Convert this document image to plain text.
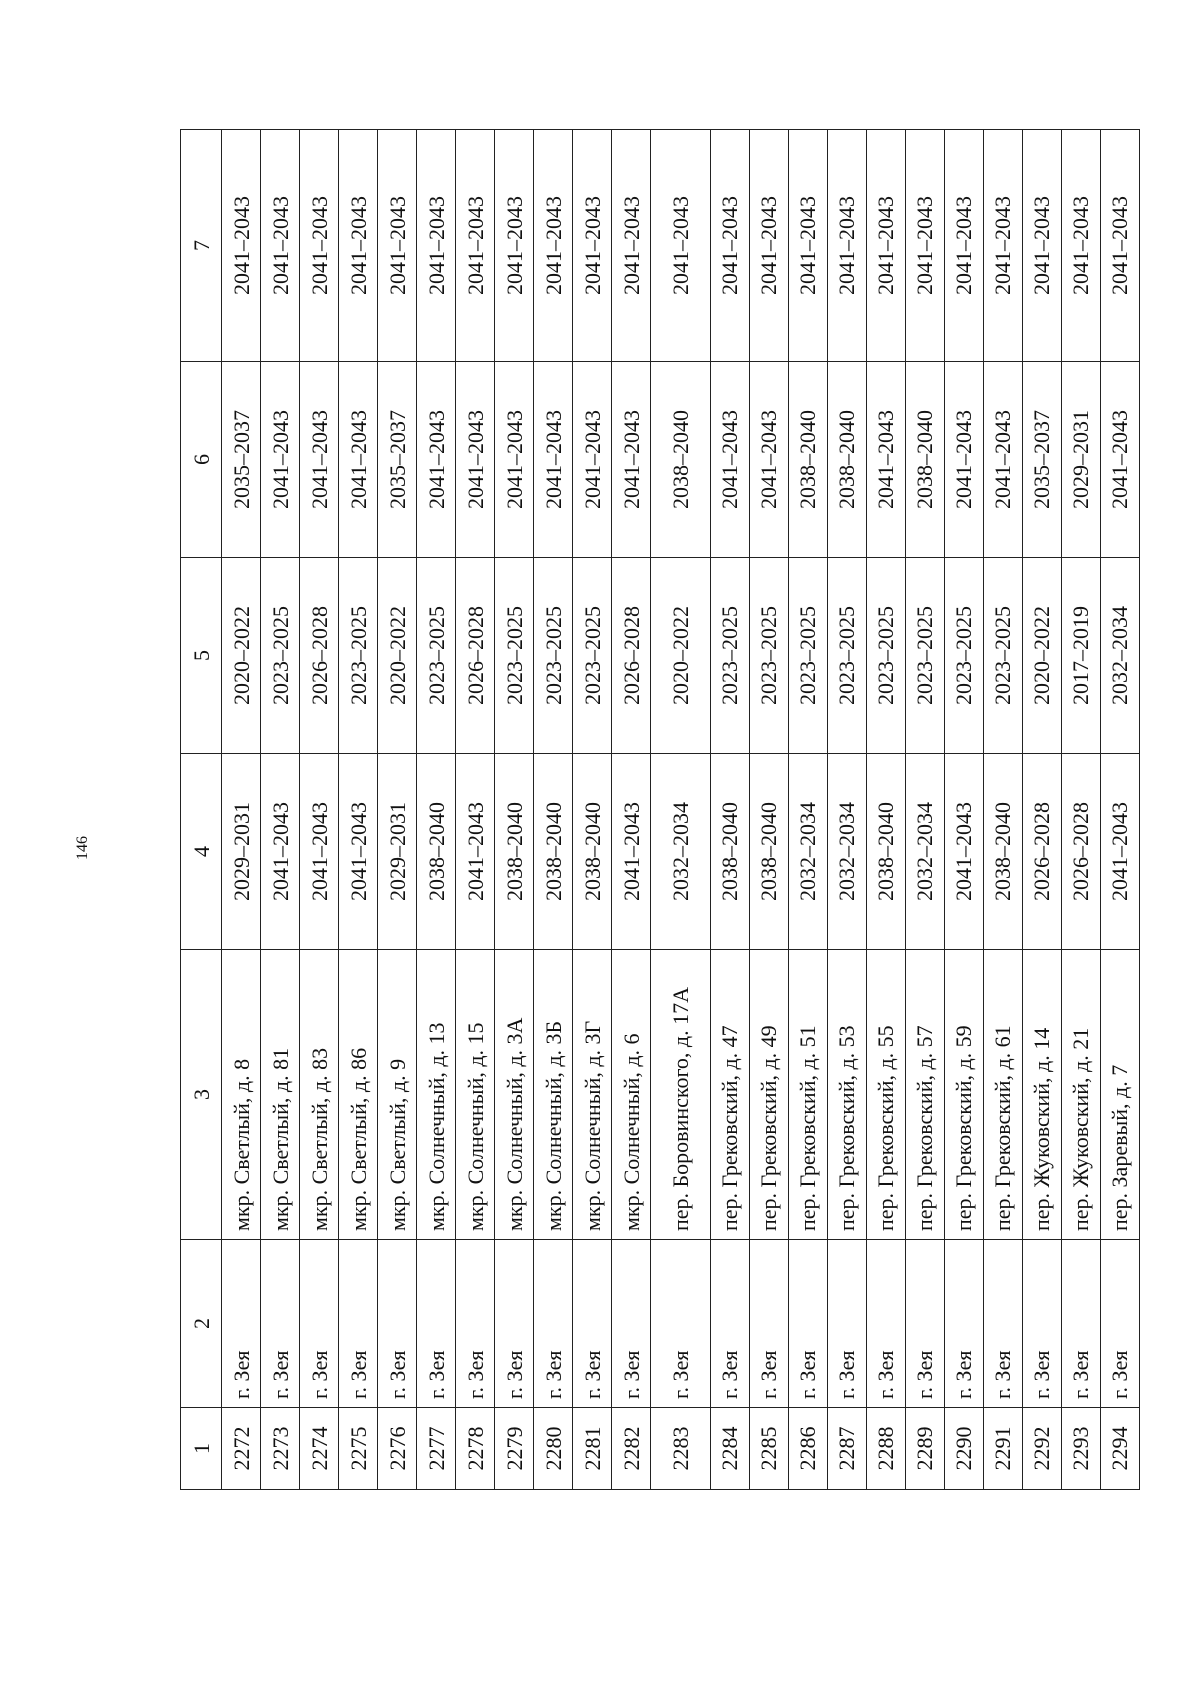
146
1	2	3	4	5	6	7
2272	г. Зея	мкр. Светлый, д. 8	2029–2031	2020–2022	2035–2037	2041–2043
2273	г. Зея	мкр. Светлый, д. 81	2041–2043	2023–2025	2041–2043	2041–2043
2274	г. Зея	мкр. Светлый, д. 83	2041–2043	2026–2028	2041–2043	2041–2043
2275	г. Зея	мкр. Светлый, д. 86	2041–2043	2023–2025	2041–2043	2041–2043
2276	г. Зея	мкр. Светлый, д. 9	2029–2031	2020–2022	2035–2037	2041–2043
2277	г. Зея	мкр. Солнечный, д. 13	2038–2040	2023–2025	2041–2043	2041–2043
2278	г. Зея	мкр. Солнечный, д. 15	2041–2043	2026–2028	2041–2043	2041–2043
2279	г. Зея	мкр. Солнечный, д. 3А	2038–2040	2023–2025	2041–2043	2041–2043
2280	г. Зея	мкр. Солнечный, д. 3Б	2038–2040	2023–2025	2041–2043	2041–2043
2281	г. Зея	мкр. Солнечный, д. 3Г	2038–2040	2023–2025	2041–2043	2041–2043
2282	г. Зея	мкр. Солнечный, д. 6	2041–2043	2026–2028	2041–2043	2041–2043
2283	г. Зея	пер. Боровинского, д. 17А	2032–2034	2020–2022	2038–2040	2041–2043
2284	г. Зея	пер. Грековский, д. 47	2038–2040	2023–2025	2041–2043	2041–2043
2285	г. Зея	пер. Грековский, д. 49	2038–2040	2023–2025	2041–2043	2041–2043
2286	г. Зея	пер. Грековский, д. 51	2032–2034	2023–2025	2038–2040	2041–2043
2287	г. Зея	пер. Грековский, д. 53	2032–2034	2023–2025	2038–2040	2041–2043
2288	г. Зея	пер. Грековский, д. 55	2038–2040	2023–2025	2041–2043	2041–2043
2289	г. Зея	пер. Грековский, д. 57	2032–2034	2023–2025	2038–2040	2041–2043
2290	г. Зея	пер. Грековский, д. 59	2041–2043	2023–2025	2041–2043	2041–2043
2291	г. Зея	пер. Грековский, д. 61	2038–2040	2023–2025	2041–2043	2041–2043
2292	г. Зея	пер. Жуковский, д. 14	2026–2028	2020–2022	2035–2037	2041–2043
2293	г. Зея	пер. Жуковский, д. 21	2026–2028	2017–2019	2029–2031	2041–2043
2294	г. Зея	пер. Заревый, д. 7	2041–2043	2032–2034	2041–2043	2041–2043
